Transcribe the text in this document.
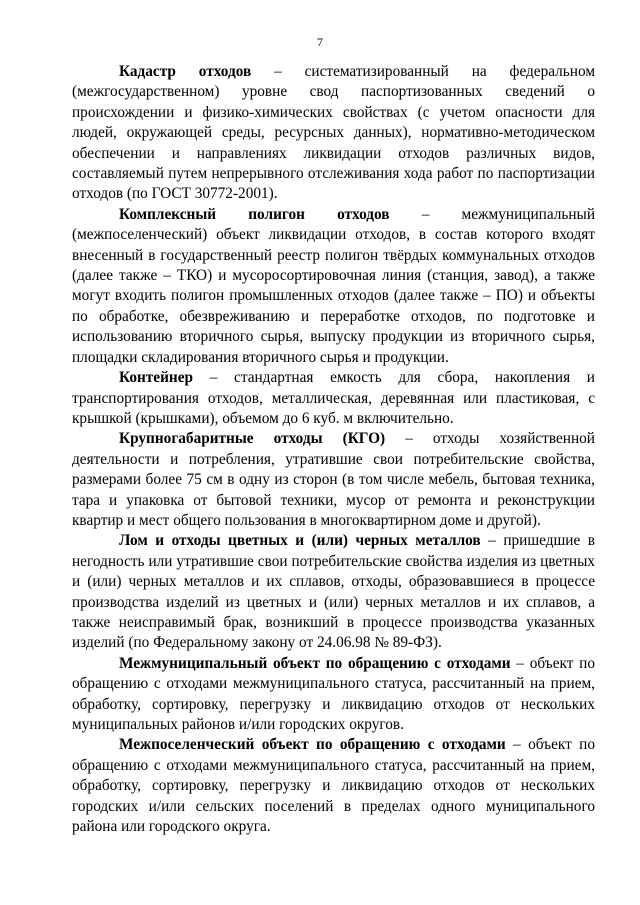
7

Кадастр отходов – систематизированный на федеральном (межгосударственном) уровне свод паспортизованных сведений о происхождении и физико-химических свойствах (с учетом опасности для людей, окружающей среды, ресурсных данных), нормативно-методическом обеспечении и направлениях ликвидации отходов различных видов, составляемый путем непрерывного отслеживания хода работ по паспортизации отходов (по ГОСТ 30772-2001).

Комплексный полигон отходов – межмуниципальный (межпоселенческий) объект ликвидации отходов, в состав которого входят внесенный в государственный реестр полигон твёрдых коммунальных отходов (далее также – ТКО) и мусоросортировочная линия (станция, завод), а также могут входить полигон промышленных отходов (далее также – ПО) и объекты по обработке, обезвреживанию и переработке отходов, по подготовке и использованию вторичного сырья, выпуску продукции из вторичного сырья, площадки складирования вторичного сырья и продукции.

Контейнер – стандартная емкость для сбора, накопления и транспортирования отходов, металлическая, деревянная или пластиковая, с крышкой (крышками), объемом до 6 куб. м включительно.

Крупногабаритные отходы (КГО) – отходы хозяйственной деятельности и потребления, утратившие свои потребительские свойства, размерами более 75 см в одну из сторон (в том числе мебель, бытовая техника, тара и упаковка от бытовой техники, мусор от ремонта и реконструкции квартир и мест общего пользования в многоквартирном доме и другой).

Лом и отходы цветных и (или) черных металлов – пришедшие в негодность или утратившие свои потребительские свойства изделия из цветных и (или) черных металлов и их сплавов, отходы, образовавшиеся в процессе производства изделий из цветных и (или) черных металлов и их сплавов, а также неисправимый брак, возникший в процессе производства указанных изделий (по Федеральному закону от 24.06.98 № 89-ФЗ).

Межмуниципальный объект по обращению с отходами – объект по обращению с отходами межмуниципального статуса, рассчитанный на прием, обработку, сортировку, перегрузку и ликвидацию отходов от нескольких муниципальных районов и/или городских округов.

Межпоселенческий объект по обращению с отходами – объект по обращению с отходами межмуниципального статуса, рассчитанный на прием, обработку, сортировку, перегрузку и ликвидацию отходов от нескольких городских и/или сельских поселений в пределах одного муниципального района или городского округа.
